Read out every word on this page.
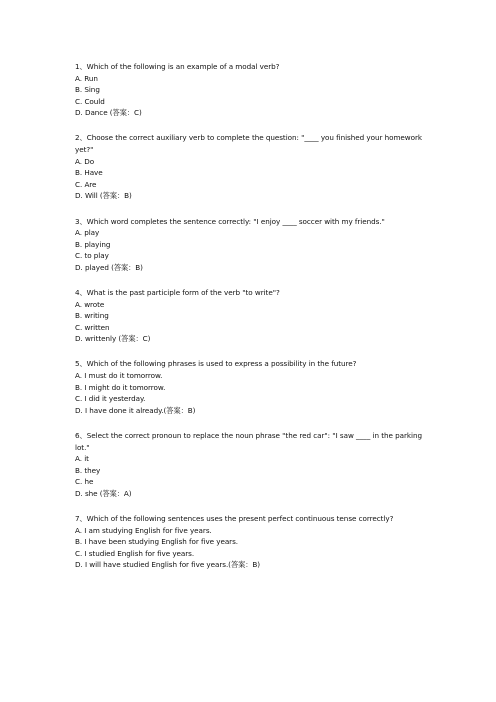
1、Which of the following is an example of a modal verb?
A. Run
B. Sing
C. Could
D. Dance (答案：C)
2、Choose the correct auxiliary verb to complete the question: "____ you finished your homework yet?"
A. Do
B. Have
C. Are
D. Will (答案：B)
3、Which word completes the sentence correctly: "I enjoy ____ soccer with my friends."
A. play
B. playing
C. to play
D. played (答案：B)
4、What is the past participle form of the verb "to write"?
A. wrote
B. writing
C. written
D. writtenly (答案：C)
5、Which of the following phrases is used to express a possibility in the future?
A. I must do it tomorrow.
B. I might do it tomorrow.
C. I did it yesterday.
D. I have done it already.(答案：B)
6、Select the correct pronoun to replace the noun phrase "the red car": "I saw ____ in the parking lot."
A. it
B. they
C. he
D. she (答案：A)
7、Which of the following sentences uses the present perfect continuous tense correctly?
A. I am studying English for five years.
B. I have been studying English for five years.
C. I studied English for five years.
D. I will have studied English for five years.(答案：B)
